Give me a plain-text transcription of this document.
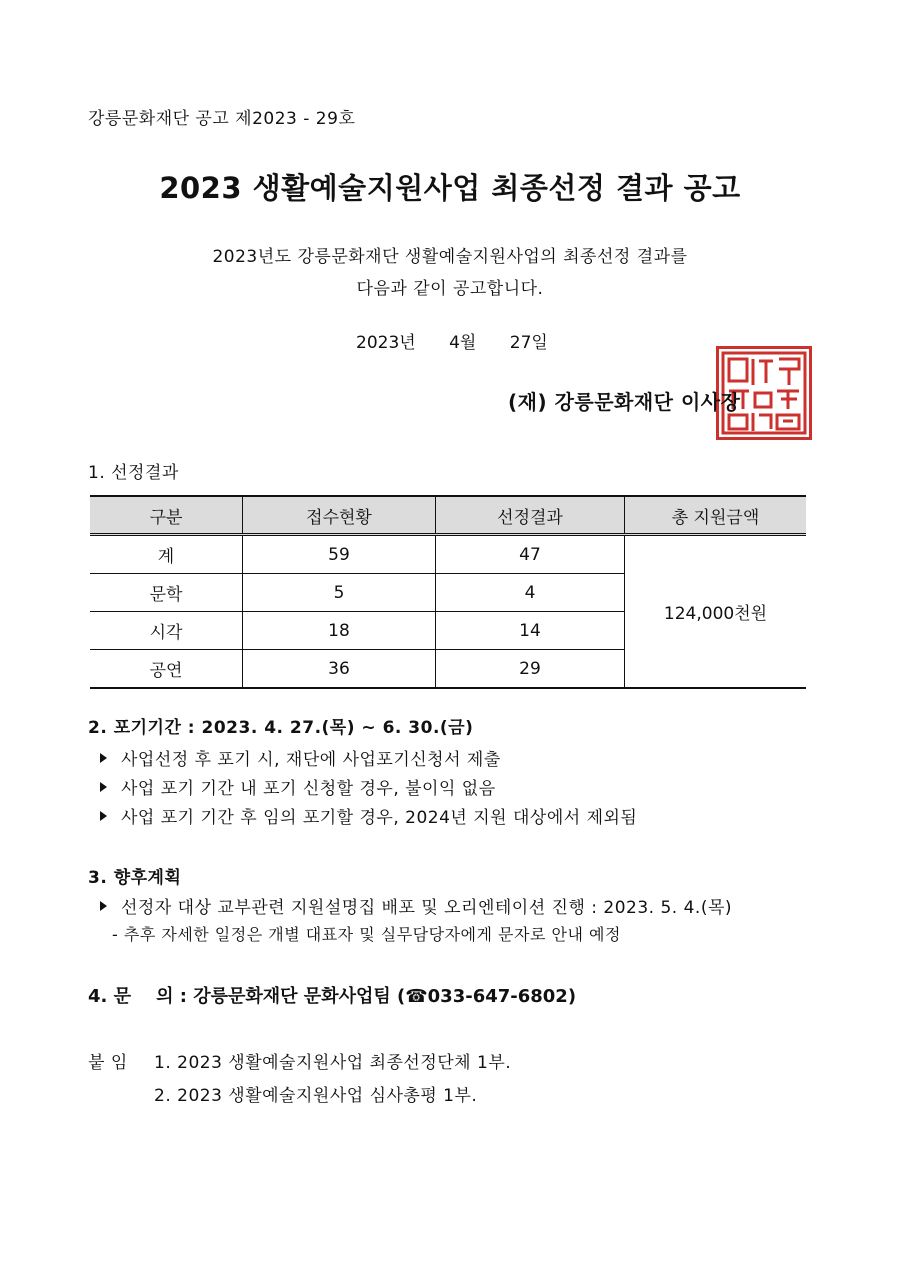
강릉문화재단 공고 제2023 - 29호
2023 생활예술지원사업 최종선정 결과 공고
2023년도 강릉문화재단 생활예술지원사업의 최종선정 결과를
다음과 같이 공고합니다.
2023년 4월 27일
(재) 강릉문화재단 이사장
1. 선정결과
구분	접수현황	선정결과	총 지원금액
계	59	47	124,000천원
문학	5	4	
시각	18	14	
공연	36	29	
2. 포기기간 : 2023. 4. 27.(목) ~ 6. 30.(금)
사업선정 후 포기 시, 재단에 사업포기신청서 제출
사업 포기 기간 내 포기 신청할 경우, 불이익 없음
사업 포기 기간 후 임의 포기할 경우, 2024년 지원 대상에서 제외됨
3. 향후계획
선정자 대상 교부관련 지원설명집 배포 및 오리엔테이션 진행 : 2023. 5. 4.(목)
- 추후 자세한 일정은 개별 대표자 및 실무담당자에게 문자로 안내 예정
4. 문    의 : 강릉문화재단 문화사업팀 (☎033-647-6802)
붙 임 1. 2023 생활예술지원사업 최종선정단체 1부.
2. 2023 생활예술지원사업 심사총평 1부.
